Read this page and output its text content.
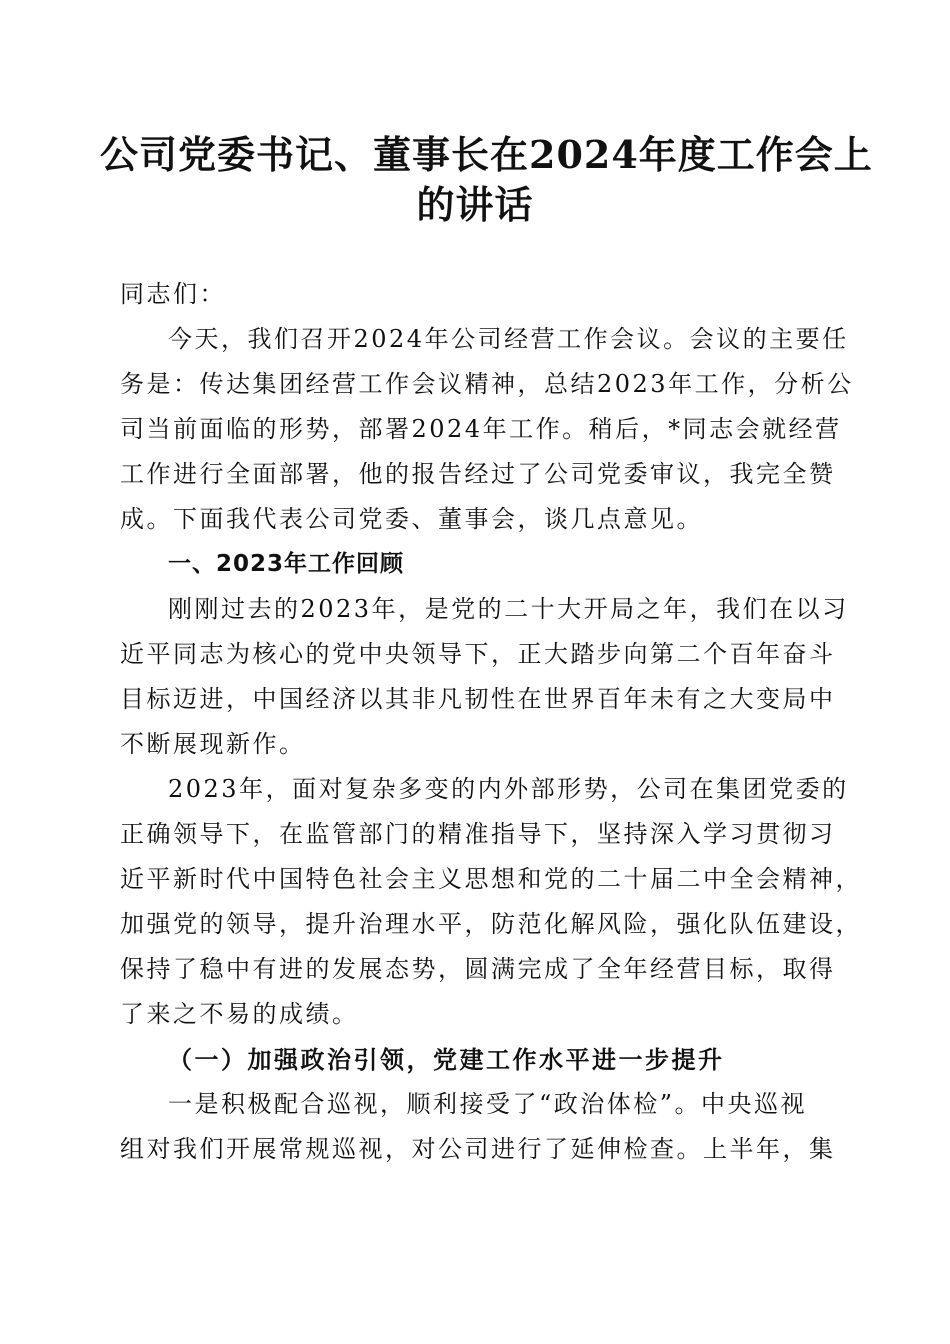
公司党委书记、董事长在2024年度工作会上
的讲话

同志们：

今天，我们召开2024年公司经营工作会议。会议的主要任
务是：传达集团经营工作会议精神，总结2023年工作，分析公
司当前面临的形势，部署2024年工作。稍后，*同志会就经营
工作进行全面部署，他的报告经过了公司党委审议，我完全赞
成。下面我代表公司党委、董事会，谈几点意见。

一、2023年工作回顾

刚刚过去的2023年，是党的二十大开局之年，我们在以习
近平同志为核心的党中央领导下，正大踏步向第二个百年奋斗
目标迈进，中国经济以其非凡韧性在世界百年未有之大变局中
不断展现新作。

2023年，面对复杂多变的内外部形势，公司在集团党委的
正确领导下，在监管部门的精准指导下，坚持深入学习贯彻习
近平新时代中国特色社会主义思想和党的二十届二中全会精神，
加强党的领导，提升治理水平，防范化解风险，强化队伍建设，
保持了稳中有进的发展态势，圆满完成了全年经营目标，取得
了来之不易的成绩。

（一）加强政治引领，党建工作水平进一步提升

一是积极配合巡视，顺利接受了“政治体检”。中央巡视
组对我们开展常规巡视，对公司进行了延伸检查。上半年，集
